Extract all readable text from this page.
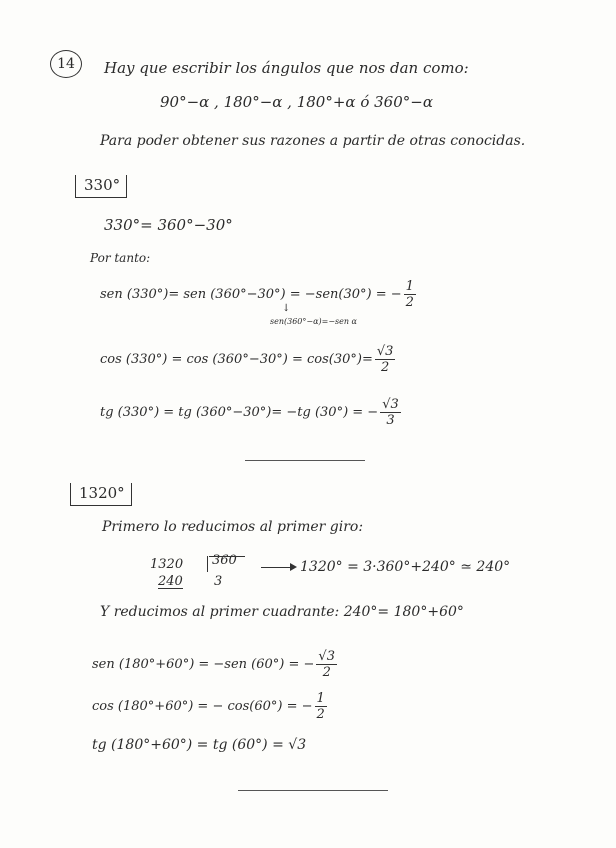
14 Hay que escribir los ángulos que nos dan como:
90°−α , 180°−α , 180°+α ó 360°−α
Para poder obtener sus razones a partir de otras conocidas.
330°
330°= 360°−30°
Por tanto:
sen (330°)= sen (360°−30°) = −sen(30°) = − $\frac{1}{2}$
↓
sen(360°−α)=−sen α
$\cos (330^\circ) = \cos (360^\circ-30^\circ) = \cos(30^\circ)= \frac{√3}{2}$
tg (330°) = tg (360°−30°)= −tg (30°) = − $\frac{√3}{3}$
1320°
Primero lo reducimos al primer giro:
1320 360
240 3
1320° = 3·360°+240° ≃ 240°
Y reducimos al primer cuadrante: 240°= 180°+60°
sen (180°+60°) = −sen (60°) = − $\frac{√3}{2}$
cos (180°+60°) = − cos(60°) = − $\frac{1}{2}$
tg (180°+60°) = tg (60°) = √3
